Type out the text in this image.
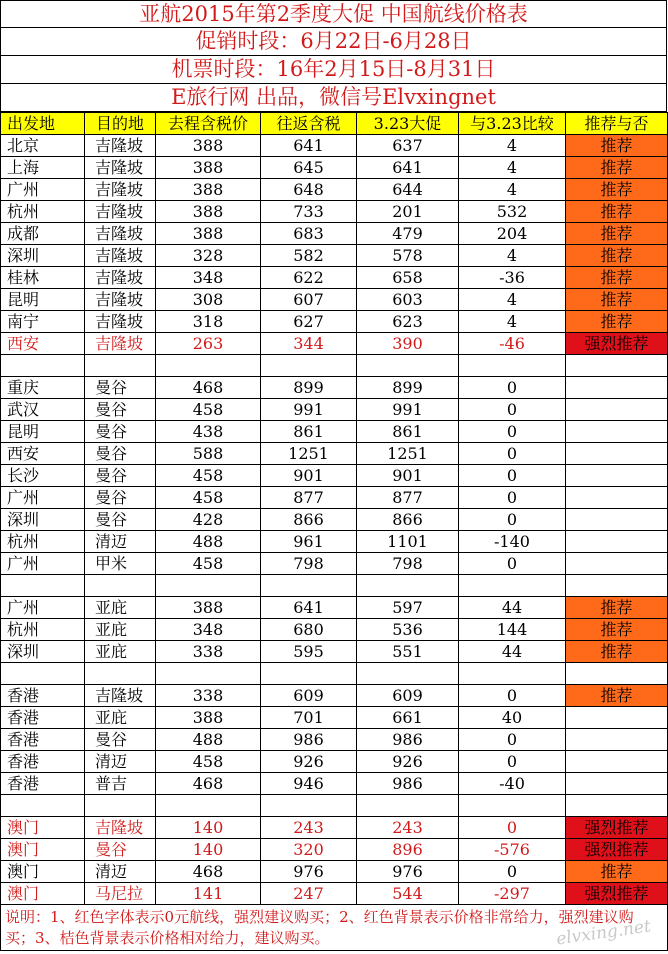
亚航2015年第2季度大促 中国航线价格表
促销时段：6月22日-6月28日
机票时段：16年2月15日-8月31日
E旅行网 出品，微信号Elvxingnet
出发地	目的地	去程含税价	往返含税	3.23大促	与3.23比较	推荐与否
北京	吉隆坡	388	641	637	4	推荐
上海	吉隆坡	388	645	641	4	推荐
广州	吉隆坡	388	648	644	4	推荐
杭州	吉隆坡	388	733	201	532	推荐
成都	吉隆坡	388	683	479	204	推荐
深圳	吉隆坡	328	582	578	4	推荐
桂林	吉隆坡	348	622	658	-36	推荐
昆明	吉隆坡	308	607	603	4	推荐
南宁	吉隆坡	318	627	623	4	推荐
西安	吉隆坡	263	344	390	-46	强烈推荐

重庆	曼谷	468	899	899	0	
武汉	曼谷	458	991	991	0	
昆明	曼谷	438	861	861	0	
西安	曼谷	588	1251	1251	0	
长沙	曼谷	458	901	901	0	
广州	曼谷	458	877	877	0	
深圳	曼谷	428	866	866	0	
杭州	清迈	488	961	1101	-140	
广州	甲米	458	798	798	0	

广州	亚庇	388	641	597	44	推荐
杭州	亚庇	348	680	536	144	推荐
深圳	亚庇	338	595	551	44	推荐

香港	吉隆坡	338	609	609	0	推荐
香港	亚庇	388	701	661	40	
香港	曼谷	488	986	986	0	
香港	清迈	458	926	926	0	
香港	普吉	468	946	986	-40	

澳门	吉隆坡	140	243	243	0	强烈推荐
澳门	曼谷	140	320	896	-576	强烈推荐
澳门	清迈	468	976	976	0	推荐
澳门	马尼拉	141	247	544	-297	强烈推荐
说明：1、红色字体表示0元航线，强烈建议购买；2、红色背景表示价格非常给力，强烈建议购买；3、桔色背景表示价格相对给力，建议购买。	elvxing.net
